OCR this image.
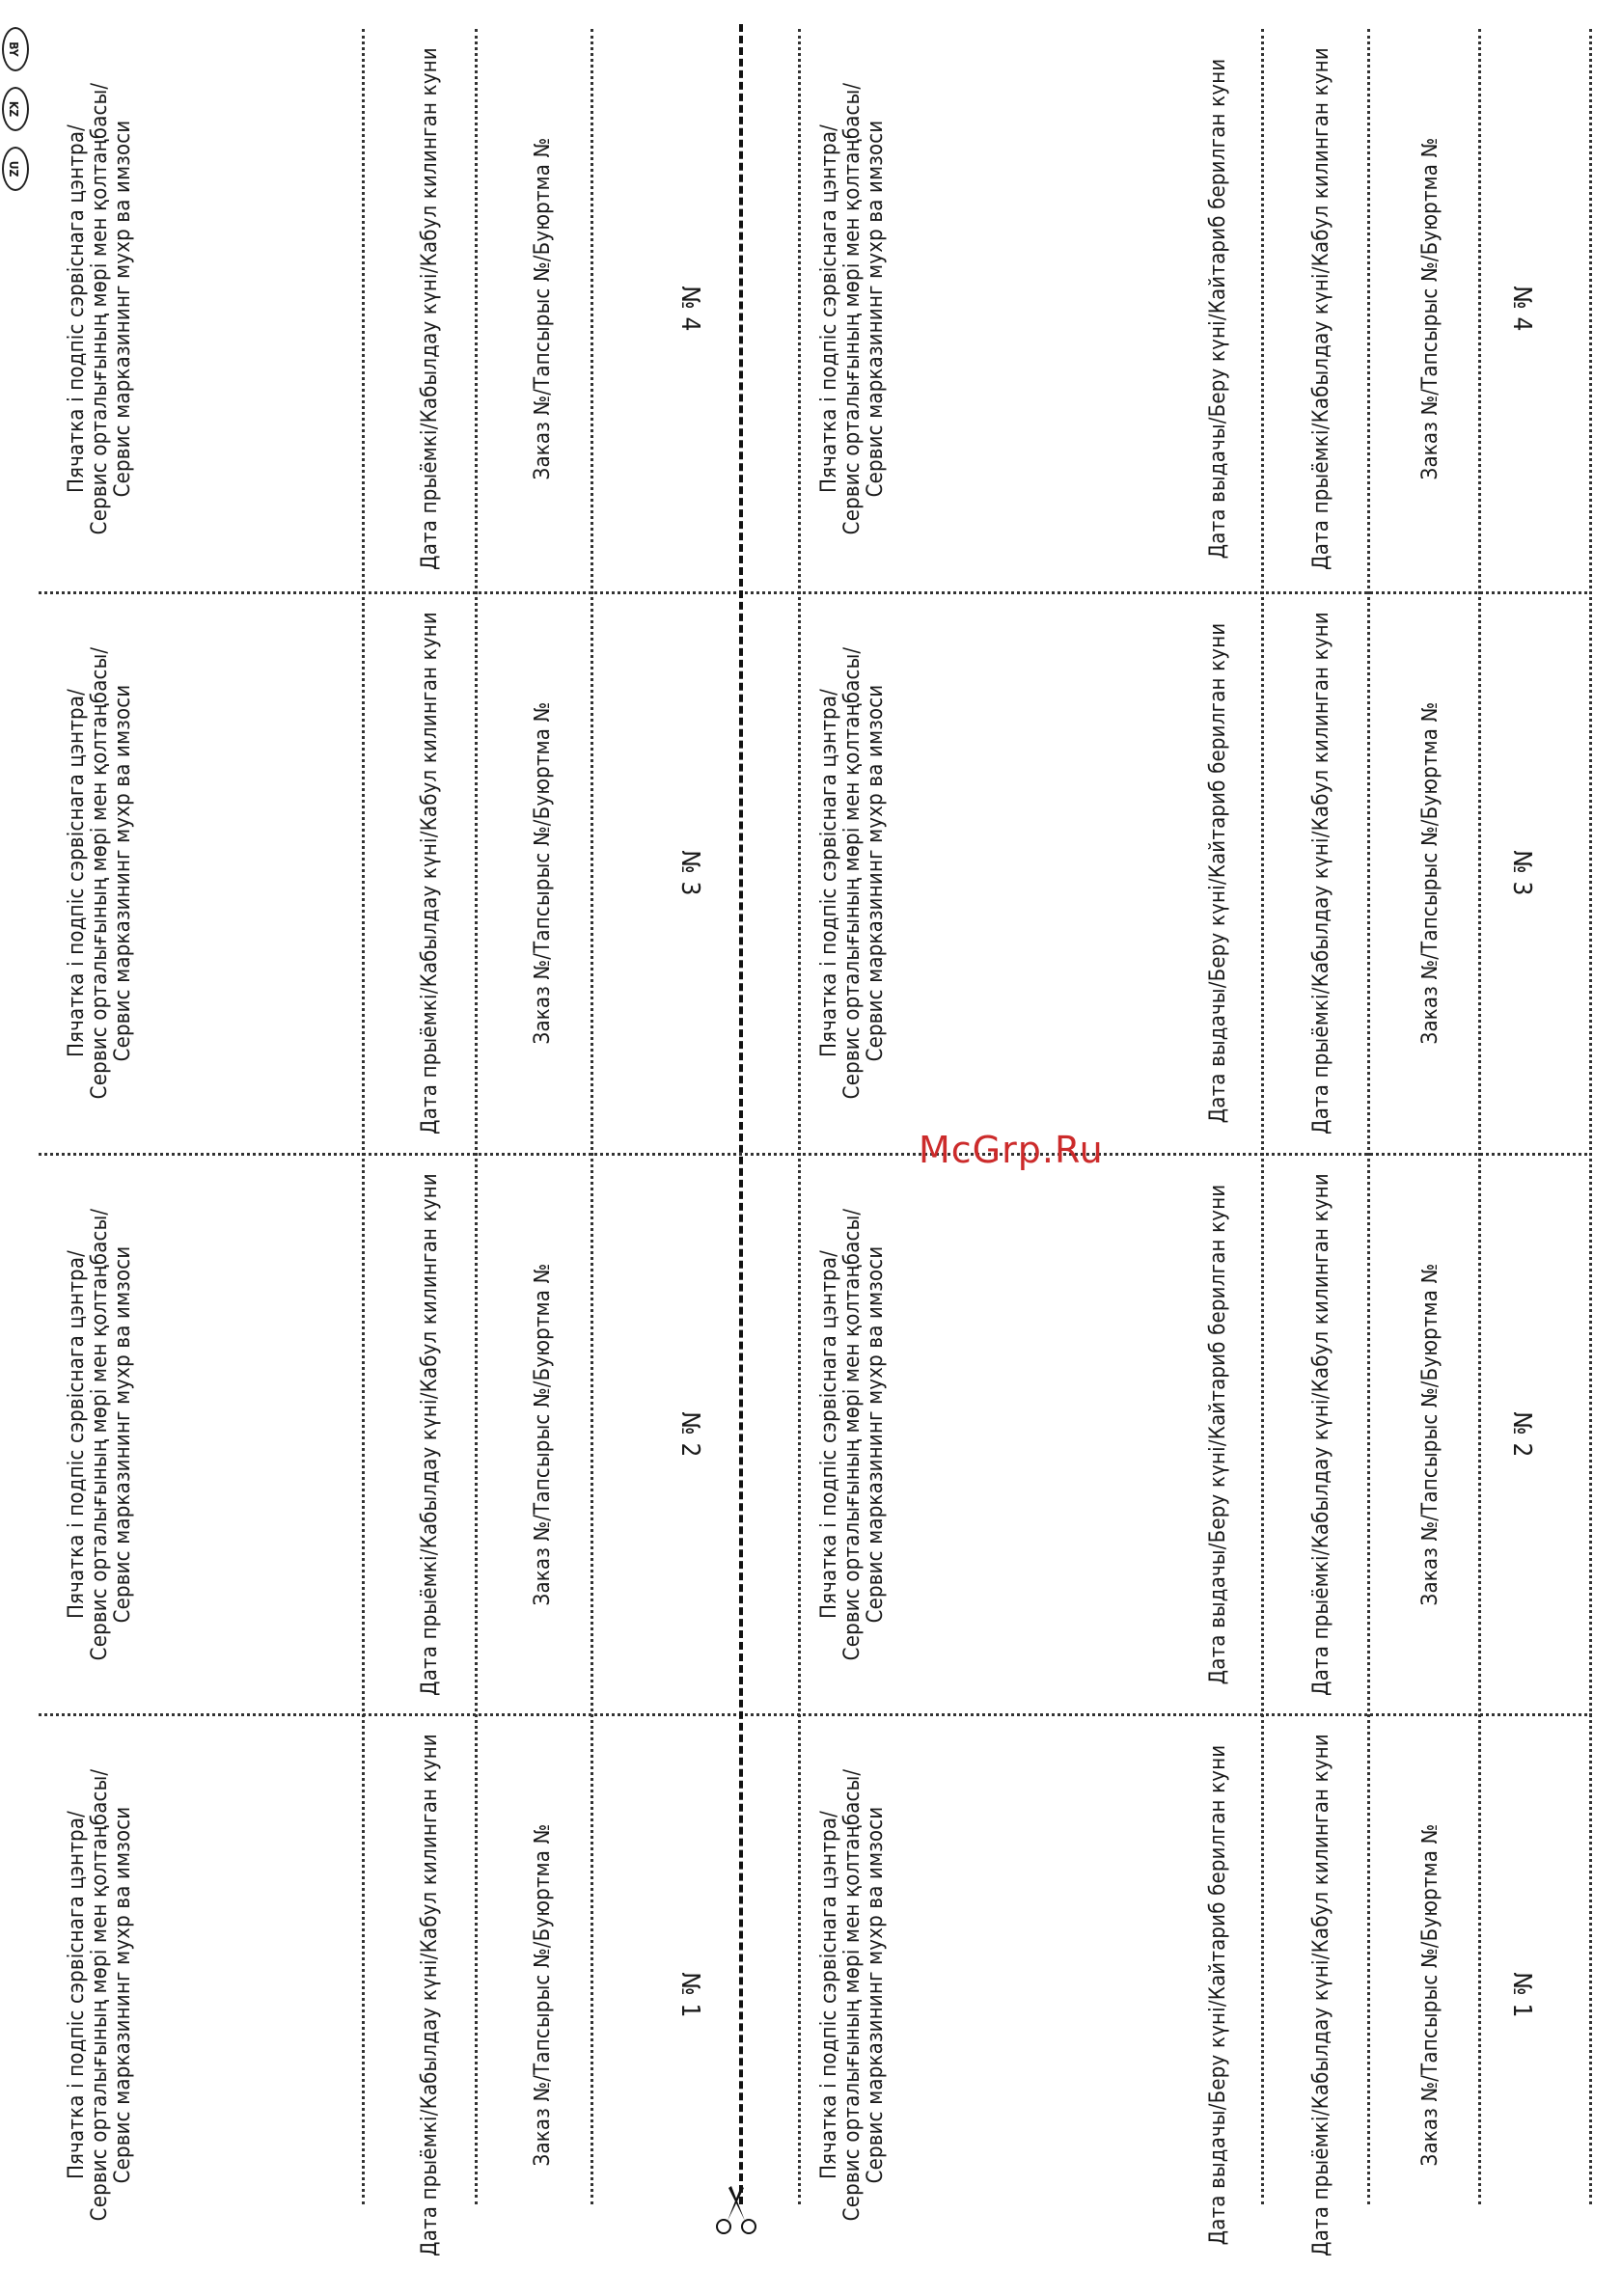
№ 4
Заказ №/Тапсырыс №/Буюртма №
Дата прыёмкі/Кабылдау күні/Кабул килинган куни
Дата выдачы/Беру күні/Кайтариб берилган куни
Пячатка і подпіс сэрвіснага цэнтра/ Сервис орталығының мөрі мен қолтаңбасы/ Сервис марказининг мухр ва имзоси
№ 3
Заказ №/Тапсырыс №/Буюртма №
Дата прыёмкі/Кабылдау күні/Кабул килинган куни
Дата выдачы/Беру күні/Кайтариб берилган куни
Пячатка і подпіс сэрвіснага цэнтра/ Сервис орталығының мөрі мен қолтаңбасы/ Сервис марказининг мухр ва имзоси
№ 2
Заказ №/Тапсырыс №/Буюртма №
Дата прыёмкі/Кабылдау күні/Кабул килинган куни
Дата выдачы/Беру күні/Кайтариб берилган куни
Пячатка і подпіс сэрвіснага цэнтра/ Сервис орталығының мөрі мен қолтаңбасы/ Сервис марказининг мухр ва имзоси
№ 1
Заказ №/Тапсырыс №/Буюртма №
Дата прыёмкі/Кабылдау күні/Кабул килинган куни
Дата выдачы/Беру күні/Кайтариб берилган куни
Пячатка і подпіс сэрвіснага цэнтра/ Сервис орталығының мөрі мен қолтаңбасы/ Сервис марказининг мухр ва имзоси
№ 4
Заказ №/Тапсырыс №/Буюртма №
Дата прыёмкі/Кабылдау күні/Кабул килинган куни
Пячатка і подпіс сэрвіснага цэнтра/ Сервис орталығының мөрі мен қолтаңбасы/ Сервис марказининг мухр ва имзоси
№ 3
Заказ №/Тапсырыс №/Буюртма №
Дата прыёмкі/Кабылдау күні/Кабул килинган куни
Пячатка і подпіс сэрвіснага цэнтра/ Сервис орталығының мөрі мен қолтаңбасы/ Сервис марказининг мухр ва имзоси
№ 2
Заказ №/Тапсырыс №/Буюртма №
Дата прыёмкі/Кабылдау күні/Кабул килинган куни
Пячатка і подпіс сэрвіснага цэнтра/ Сервис орталығының мөрі мен қолтаңбасы/ Сервис марказининг мухр ва имзоси
№ 1
Заказ №/Тапсырыс №/Буюртма №
Дата прыёмкі/Кабылдау күні/Кабул килинган куни
Пячатка і подпіс сэрвіснага цэнтра/ Сервис орталығының мөрі мен қолтаңбасы/ Сервис марказининг мухр ва имзоси
McGrp.Ru
BY
KZ
UZ
